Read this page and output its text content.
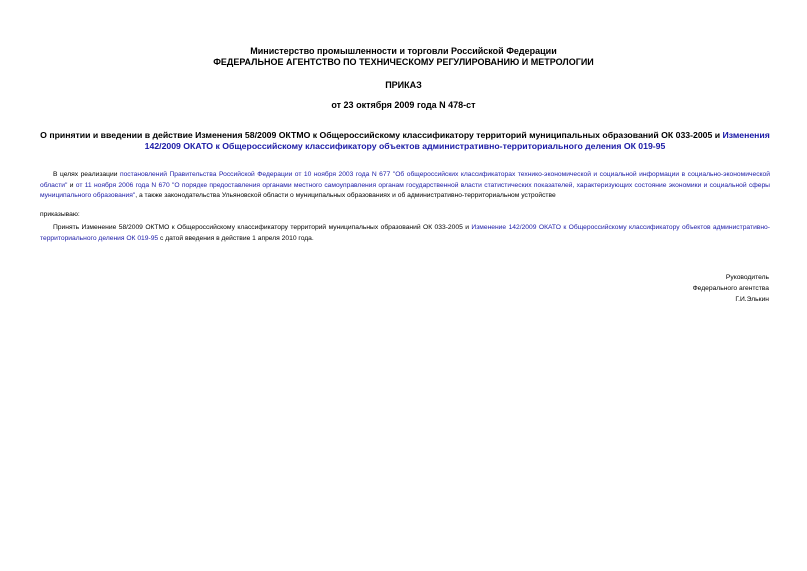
Министерство промышленности и торговли Российской Федерации
ФЕДЕРАЛЬНОЕ АГЕНТСТВО ПО ТЕХНИЧЕСКОМУ РЕГУЛИРОВАНИЮ И МЕТРОЛОГИИ
ПРИКАЗ
от 23 октября 2009 года N 478-ст
О принятии и введении в действие Изменения 58/2009 ОКТМО к Общероссийскому классификатору территорий муниципальных образований ОК 033-2005 и Изменения 142/2009 ОКАТО к Общероссийскому классификатору объектов административно-территориального деления ОК 019-95
В целях реализации постановлений Правительства Российской Федерации от 10 ноября 2003 года N 677 "Об общероссийских классификаторах технико-экономической и социальной информации в социально-экономической области" и от 11 ноября 2006 года N 670 "О порядке предоставления органами местного самоуправления органам государственной власти статистических показателей, характеризующих состояние экономики и социальной сферы муниципального образования", а также законодательства Ульяновской области о муниципальных образованиях и об административно-территориальном устройстве
приказываю:
Принять Изменение 58/2009 ОКТМО к Общероссийскому классификатору территорий муниципальных образований ОК 033-2005 и Изменение 142/2009 ОКАТО к Общероссийскому классификатору объектов административно-территориального деления ОК 019-95 с датой введения в действие 1 апреля 2010 года.
Руководитель
Федерального агентства
Г.И.Элькин
